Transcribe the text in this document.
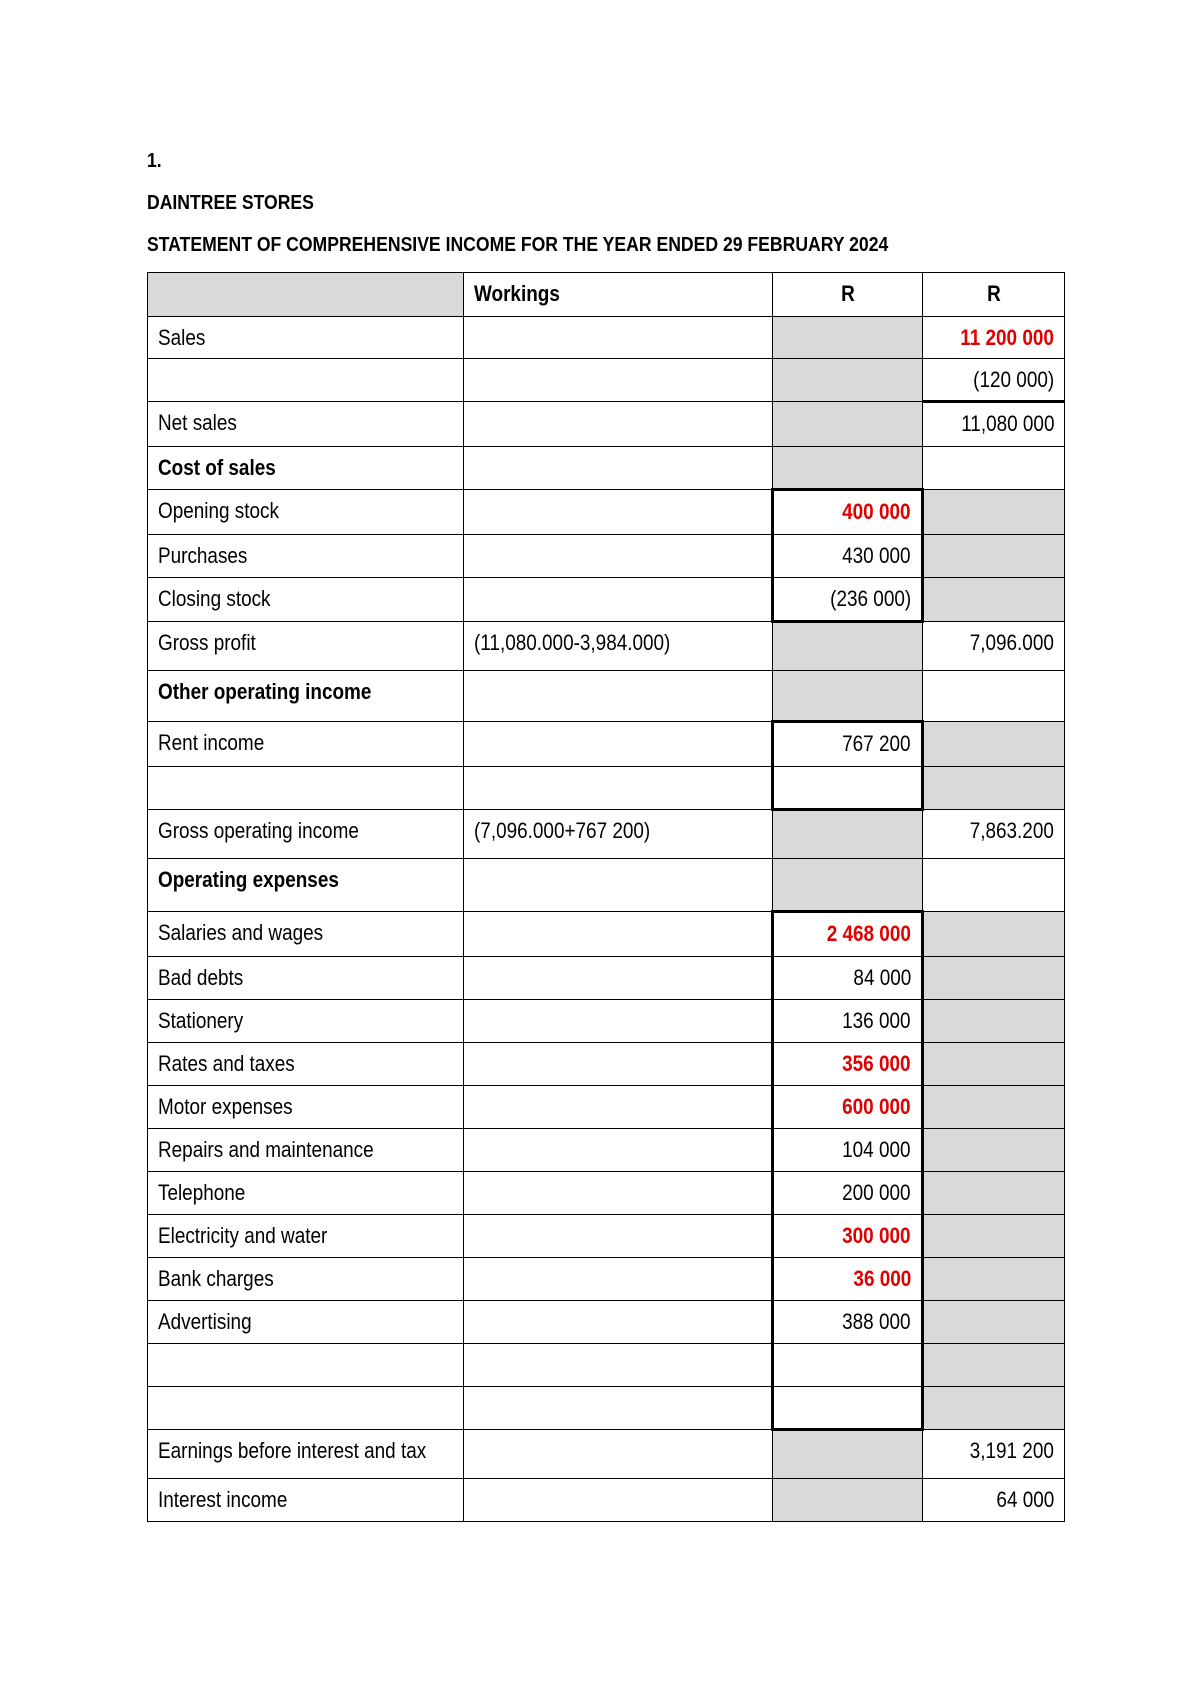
1.
DAINTREE STORES
STATEMENT OF COMPREHENSIVE INCOME FOR THE YEAR ENDED 29 FEBRUARY 2024
	Workings	R	R
Sales			11 200 000
			(120 000)
Net sales			11,080 000
Cost of sales			
Opening stock		400 000	
Purchases		430 000	
Closing stock		(236 000)	
Gross profit	(11,080.000-3,984.000)		7,096.000
Other operating income			
Rent income		767 200	

Gross operating income	(7,096.000+767 200)		7,863.200
Operating expenses			
Salaries and wages		2 468 000	
Bad debts		84 000	
Stationery		136 000	
Rates and taxes		356 000	
Motor expenses		600 000	
Repairs and maintenance		104 000	
Telephone		200 000	
Electricity and water		300 000	
Bank charges		36 000	
Advertising		388 000	

Earnings before interest and tax			3,191 200
Interest income			64 000
